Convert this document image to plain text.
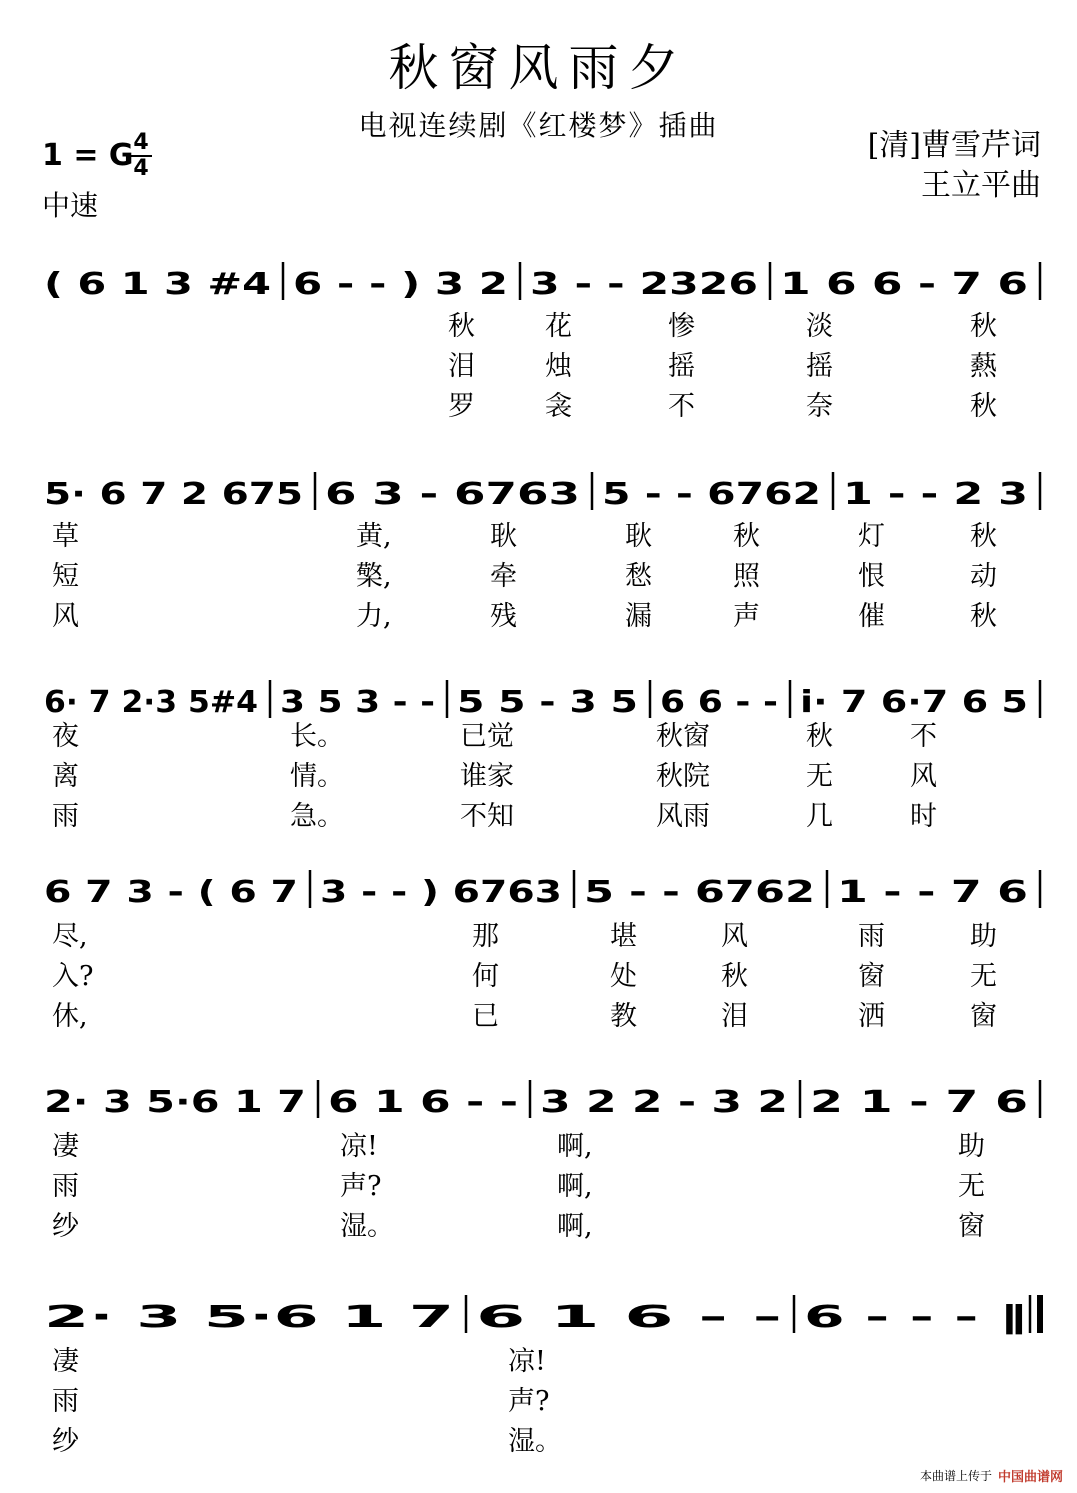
秋窗风雨夕
电视连续剧《红楼梦》插曲
[清]曹雪芹词
王立平曲
1 = G 4
4
中速
( 6 1 3 #4 6 - - ) 3 2 3 - - 2326 1 6 6 - 7 6
秋	花	惨	淡	秋
泪	烛	摇	摇	爇
罗	衾	不	奈	秋
5· 6 7 2 675 6 3 - 6763 5 - - 6762 1 - - 2 3
草	黄,	耿	耿	秋	灯	秋
短	檠,	牵	愁	照	恨	动
风	力,	残	漏	声	催	秋
6· 7 2·3 5#4 3 5 3 - - 5 5 - 3 5 6 6 - - i· 7 6·7 6 5
夜	长。	已觉	秋窗	秋	不
离	情。	谁家	秋院	无	风
雨	急。	不知	风雨	几	时
6 7 3 - ( 6 7 3 - - ) 6763 5 - - 6762 1 - - 7 6
尽,	那	堪	风	雨	助
入?	何	处	秋	窗	无
休,	已	教	泪	洒	窗
2· 3 5·6 1 7 6 1 6 - - 3 2 2 - 3 2 2 1 - 7 6
凄	凉!	啊,	助
雨	声?	啊,	无
纱	湿。	啊,	窗
2· 3 5·6 1 7 6 1 6 - - 6 - - - ‖
凄	凉!
雨	声?
纱	湿。
本曲谱上传于 中国曲谱网
